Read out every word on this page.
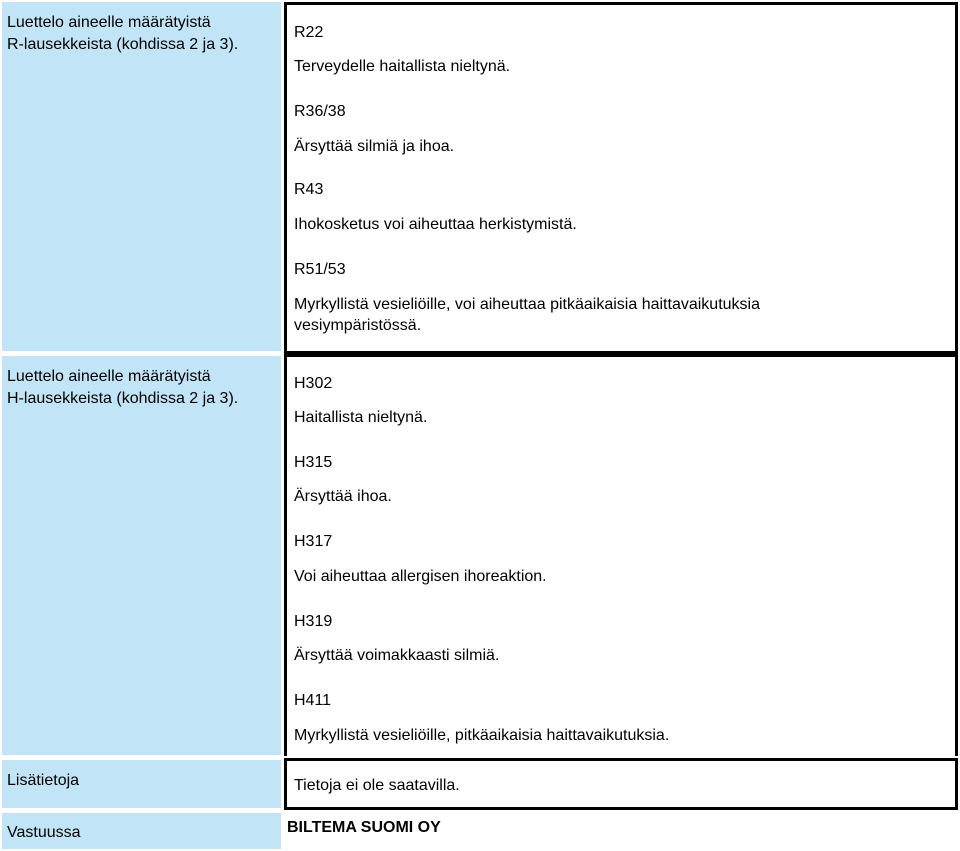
Luettelo aineelle määrätyistä
R-lausekkeista (kohdissa 2 ja 3).
R22
Terveydelle haitallista nieltynä.
R36/38
Ärsyttää silmiä ja ihoa.
R43
Ihokosketus voi aiheuttaa herkistymistä.
R51/53
Myrkyllistä vesieliöille, voi aiheuttaa pitkäaikaisia haittavaikutuksia
vesiympäristössä.
Luettelo aineelle määrätyistä
H-lausekkeista (kohdissa 2 ja 3).
H302
Haitallista nieltynä.
H315
Ärsyttää ihoa.
H317
Voi aiheuttaa allergisen ihoreaktion.
H319
Ärsyttää voimakkaasti silmiä.
H411
Myrkyllistä vesieliöille, pitkäaikaisia haittavaikutuksia.
Lisätietoja	Tietoja ei ole saatavilla.
Vastuussa	BILTEMA SUOMI OY
